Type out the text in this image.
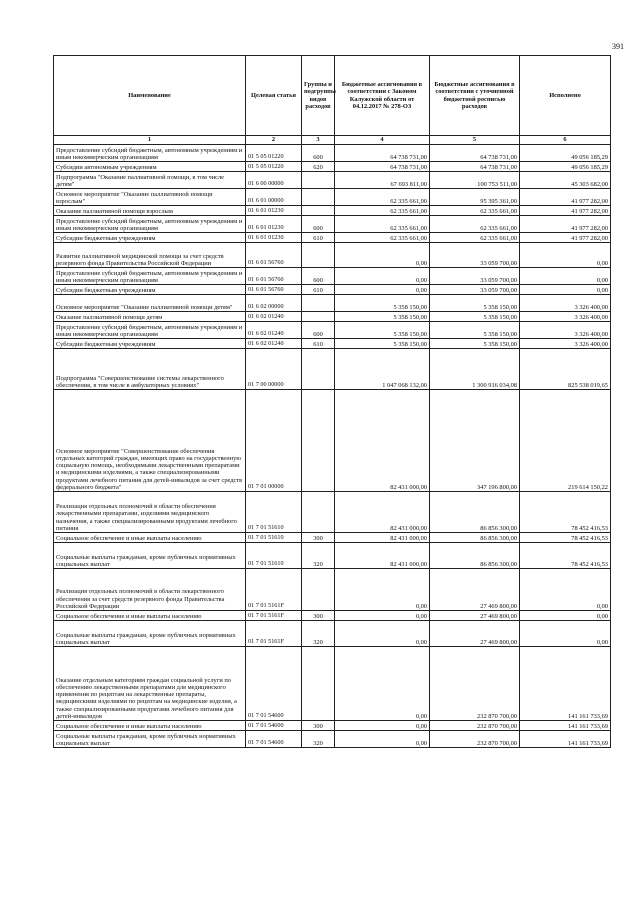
391
Наименование	Целевая статья	Группы и подгруппы видов расходов	Бюджетные ассигнования в соответствии с Законом Калужской области от 04.12.2017 № 278-ОЗ	Бюджетные ассигнования в соответствии с уточненной бюджетной росписью расходов	Исполнено
1	2	3	4	5	6
Предоставление субсидий бюджетным, автономным учреждениям и иным некоммерческим организациям	01 5 05 01220	600	64 738 731,00	64 738 731,00	49 056 185,29
Субсидии автономным учреждениям	01 5 05 01220	620	64 738 731,00	64 738 731,00	49 056 185,29
Подпрограмма "Оказание паллиативной помощи, в том числе детям"	01 6 00 00000		67 693 811,00	100 753 511,00	45 303 682,00
Основное мероприятие "Оказание паллиативной помощи взрослым"	01 6 01 00000		62 335 661,00	95 395 361,00	41 977 282,00
Оказание паллиативной помощи взрослым	01 6 01 01230		62 335 661,00	62 335 661,00	41 977 282,00
Предоставление субсидий бюджетным, автономным учреждениям и иным некоммерческим организациям	01 6 01 01230	600	62 335 661,00	62 335 661,00	41 977 282,00
Субсидии бюджетным учреждениям	01 6 01 01230	610	62 335 661,00	62 335 661,00	41 977 282,00
Развитие паллиативной медицинской помощи за счет средств резервного фонда Правительства Российской Федерации	01 6 01 56760		0,00	33 059 700,00	0,00
Предоставление субсидий бюджетным, автономным учреждениям и иным некоммерческим организациям	01 6 01 56760	600	0,00	33 059 700,00	0,00
Субсидии бюджетным учреждениям	01 6 01 56760	610	0,00	33 059 700,00	0,00
Основное мероприятие "Оказание паллиативной помощи детям"	01 6 02 00000		5 358 150,00	5 358 150,00	3 326 400,00
Оказание паллиативной помощи детям	01 6 02 01240		5 358 150,00	5 358 150,00	3 326 400,00
Предоставление субсидий бюджетным, автономным учреждениям и иным некоммерческим организациям	01 6 02 01240	600	5 358 150,00	5 358 150,00	3 326 400,00
Субсидии бюджетным учреждениям	01 6 02 01240	610	5 358 150,00	5 358 150,00	3 326 400,00
Подпрограмма "Совершенствование системы лекарственного обеспечения, в том числе в амбулаторных условиях"	01 7 00 00000		1 047 068 132,00	1 300 916 034,08	825 538 019,65
Основное мероприятие "Совершенствование обеспечения отдельных категорий граждан, имеющих право на государственную социальную помощь, необходимыми лекарственными препаратами и медицинскими изделиями, а также специализированными продуктами лечебного питания для детей-инвалидов за счет средств федерального бюджета"	01 7 01 00000		82 431 000,00	347 196 800,00	219 614 150,22
Реализация отдельных полномочий в области обеспечения лекарственными препаратами, изделиями медицинского назначения, а также специализированными продуктами лечебного питания	01 7 01 51610		82 431 000,00	86 856 300,00	78 452 416,53
Социальное обеспечение и иные выплаты населению	01 7 01 51610	300	82 431 000,00	86 856 300,00	78 452 416,53
Социальные выплаты гражданам, кроме публичных нормативных социальных выплат	01 7 01 51610	320	82 431 000,00	86 856 300,00	78 452 416,53
Реализация отдельных полномочий в области лекарственного обеспечения за счет средств резервного фонда Правительства Российской Федерации	01 7 01 5161F		0,00	27 469 800,00	0,00
Социальное обеспечение и иные выплаты населению	01 7 01 5161F	300	0,00	27 469 800,00	0,00
Социальные выплаты гражданам, кроме публичных нормативных социальных выплат	01 7 01 5161F	320	0,00	27 469 800,00	0,00
Оказание отдельным категориям граждан социальной услуги по обеспечению лекарственными препаратами для медицинского применения по рецептам на лекарственные препараты, медицинскими изделиями по рецептам на медицинские изделия, а также специализированными продуктами лечебного питания для детей-инвалидов	01 7 01 54600		0,00	232 870 700,00	141 161 733,69
Социальное обеспечение и иные выплаты населению	01 7 01 54600	300	0,00	232 870 700,00	141 161 733,69
Социальные выплаты гражданам, кроме публичных нормативных социальных выплат	01 7 01 54600	320	0,00	232 870 700,00	141 161 733,69
